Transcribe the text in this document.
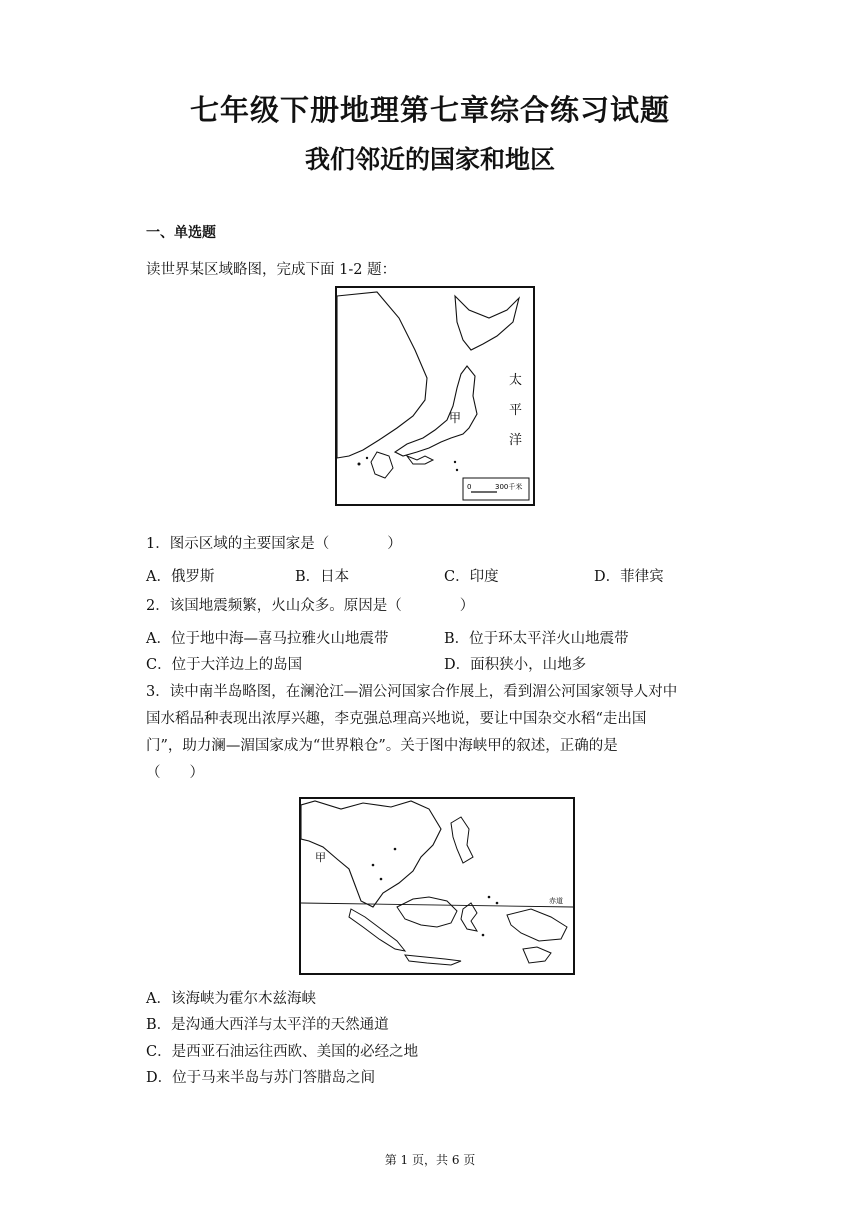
七年级下册地理第七章综合练习试题
我们邻近的国家和地区
一、单选题
读世界某区域略图，完成下面 1-2 题：
甲
太
平
洋
0	300千米
1．图示区域的主要国家是（　　　　）
A．俄罗斯	B．日本	C．印度	D．菲律宾
2．该国地震频繁，火山众多。原因是（　　　　）
A．位于地中海—喜马拉雅火山地震带	B．位于环太平洋火山地震带
C．位于大洋边上的岛国	D．面积狭小，山地多
3．读中南半岛略图，在澜沧江—湄公河国家合作展上，看到湄公河国家领导人对中
国水稻品种表现出浓厚兴趣，李克强总理高兴地说，要让中国杂交水稻“走出国
门”，助力澜—湄国家成为“世界粮仓”。关于图中海峡甲的叙述，正确的是
（　　）
甲
赤道
A．该海峡为霍尔木兹海峡
B．是沟通大西洋与太平洋的天然通道
C．是西亚石油运往西欧、美国的必经之地
D．位于马来半岛与苏门答腊岛之间
第 1 页，共 6 页
